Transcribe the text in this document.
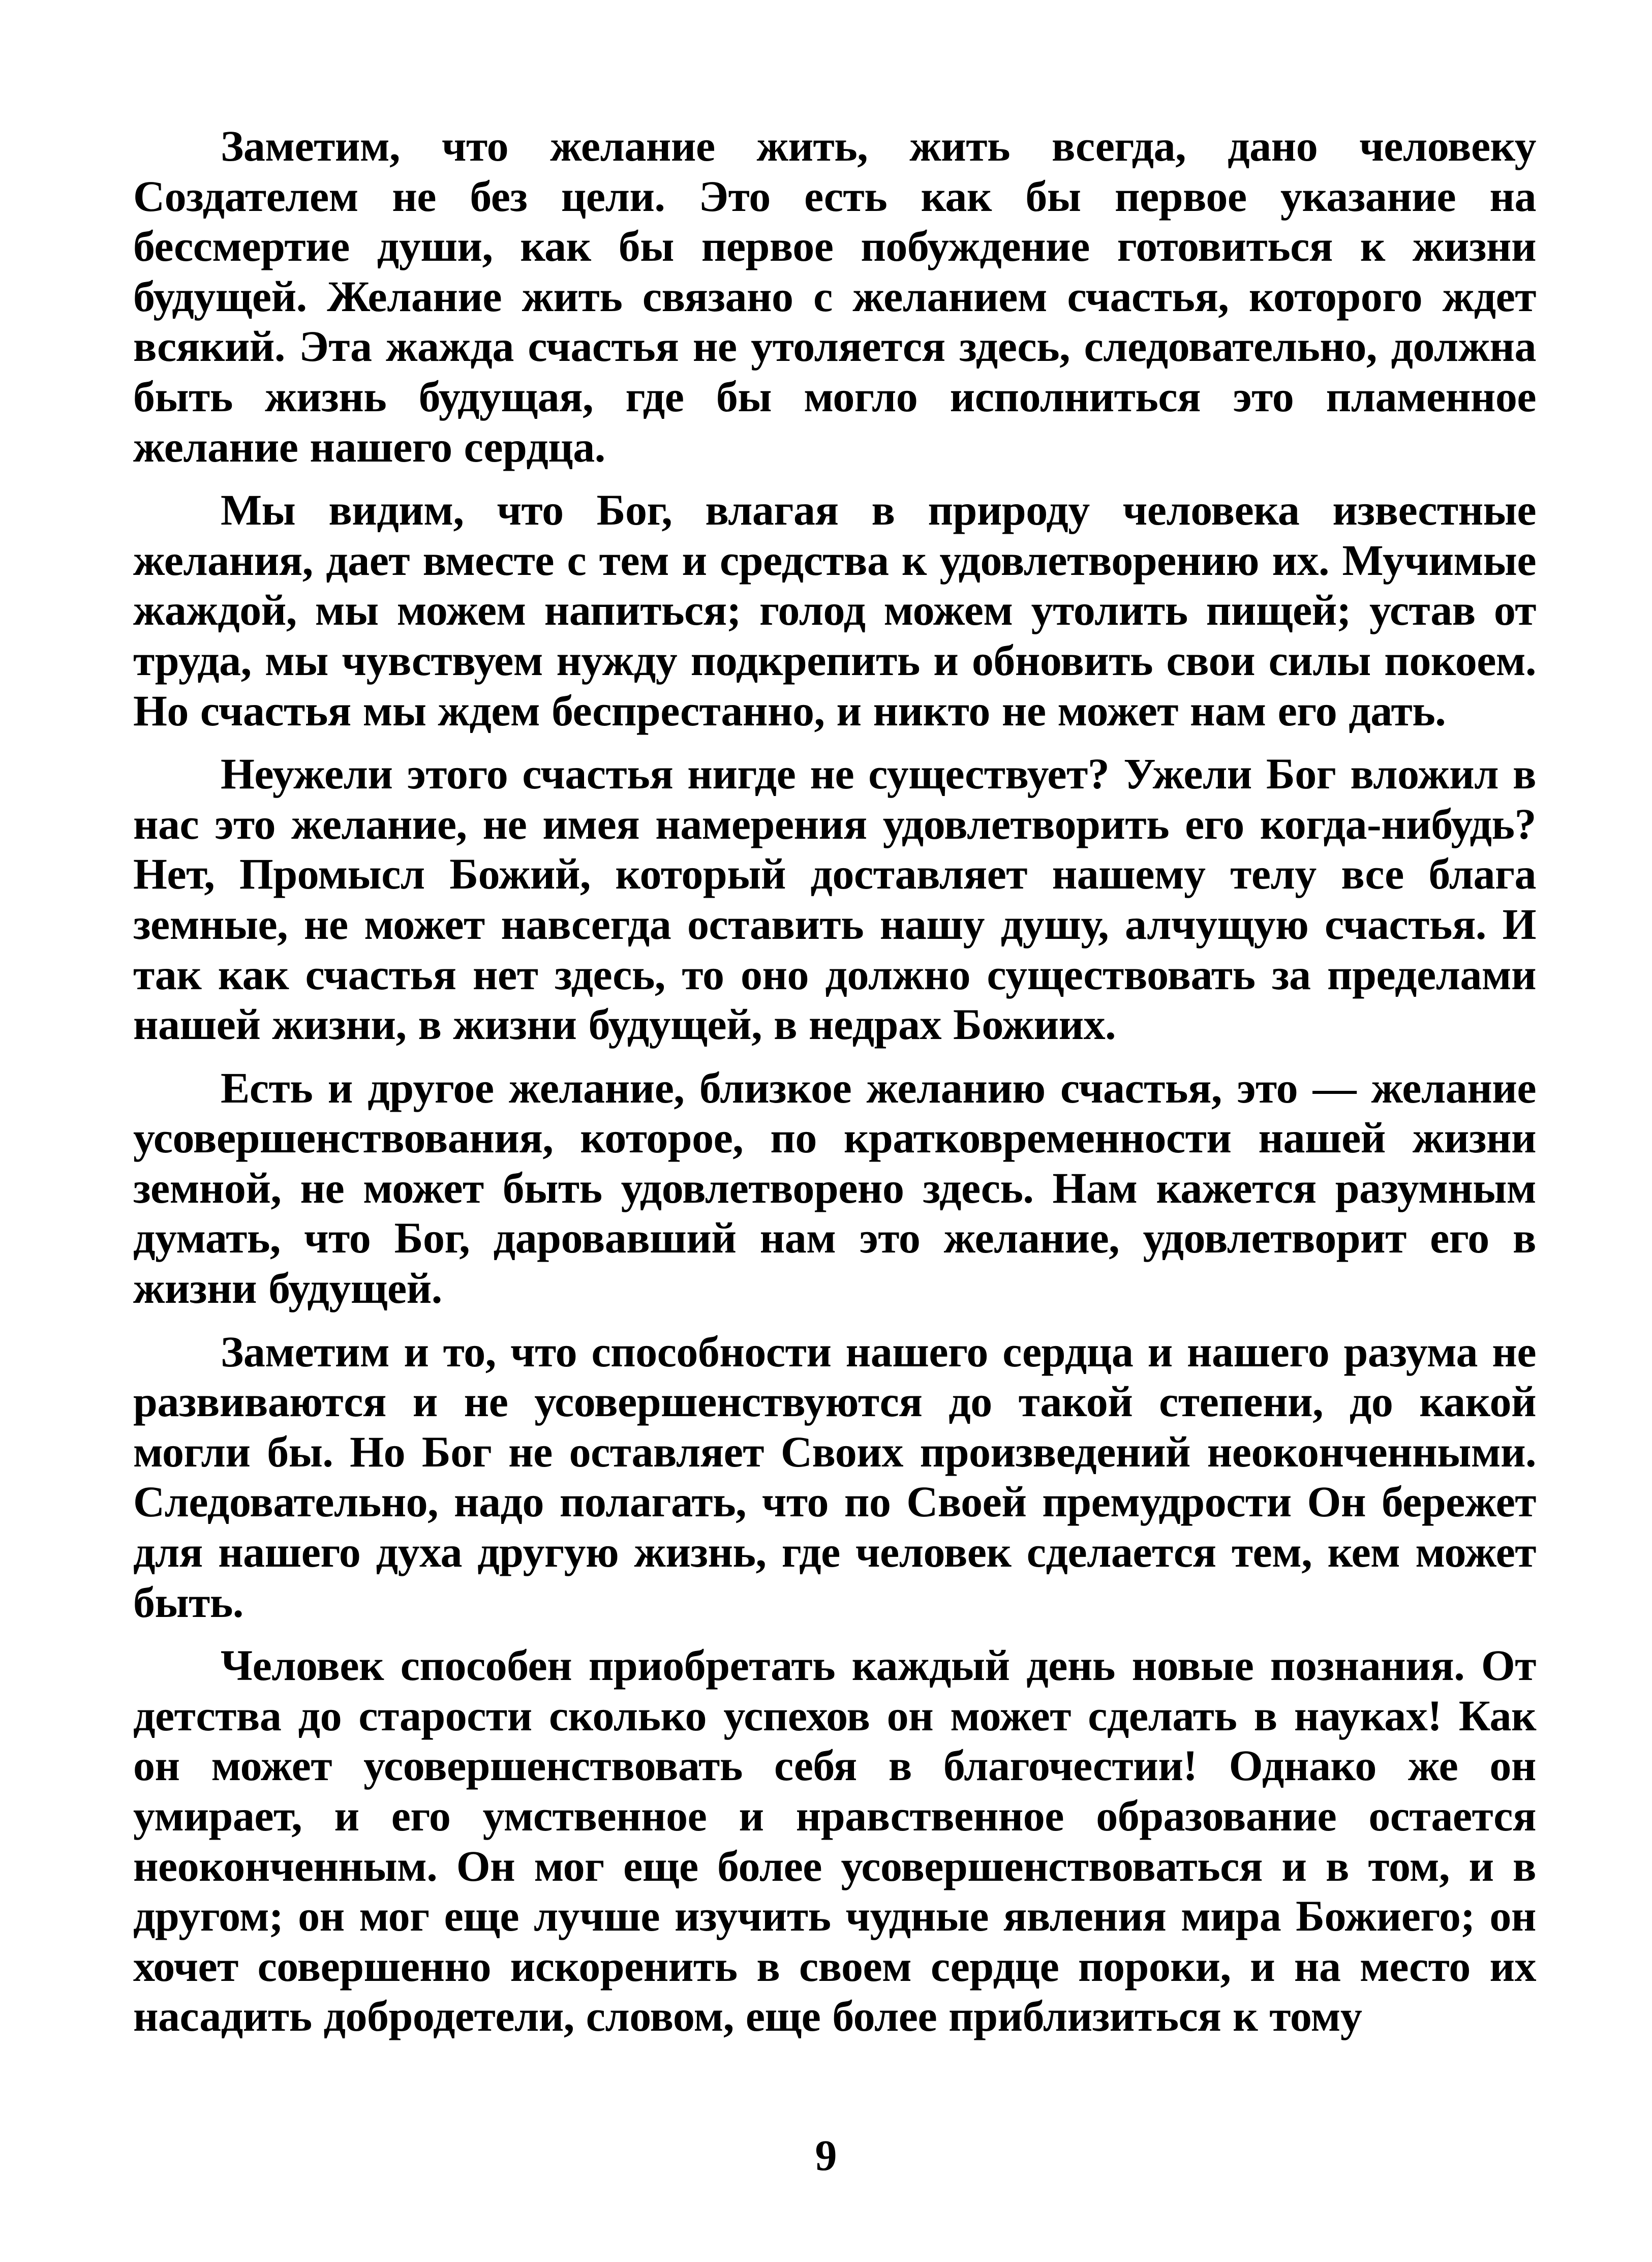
Заметим, что желание жить, жить всегда, дано человеку Создателем не без цели. Это есть как бы первое указание на бессмертие души, как бы первое побуждение готовиться к жизни будущей. Желание жить связано с желанием счастья, которого ждет всякий. Эта жажда счастья не утоляется здесь, следовательно, должна быть жизнь будущая, где бы могло исполниться это пламенное желание нашего сердца.

Мы видим, что Бог, влагая в природу человека известные желания, дает вместе с тем и средства к удовлетворению их. Мучимые жаждой, мы можем напиться; голод можем утолить пищей; устав от труда, мы чувствуем нужду подкрепить и обновить свои силы покоем. Но счастья мы ждем беспрестанно, и никто не может нам его дать.

Неужели этого счастья нигде не существует? Ужели Бог вложил в нас это желание, не имея намерения удовлетворить его когда-нибудь? Нет, Промысл Божий, который доставляет нашему телу все блага земные, не может навсегда оставить нашу душу, алчущую счастья. И так как счастья нет здесь, то оно должно существовать за пределами нашей жизни, в жизни будущей, в недрах Божиих.

Есть и другое желание, близкое желанию счастья, это — желание усовершенствования, которое, по кратковременности нашей жизни земной, не может быть удовлетворено здесь. Нам кажется разумным думать, что Бог, даровавший нам это желание, удовлетворит его в жизни будущей.

Заметим и то, что способности нашего сердца и нашего разума не развиваются и не усовершенствуются до такой степени, до какой могли бы. Но Бог не оставляет Своих произведений неоконченными. Следовательно, надо полагать, что по Своей премудрости Он бережет для нашего духа другую жизнь, где человек сделается тем, кем может быть.

Человек способен приобретать каждый день новые познания. От детства до старости сколько успехов он может сделать в науках! Как он может усовершенствовать себя в благочестии! Однако же он умирает, и его умственное и нравственное образование остается неоконченным. Он мог еще более усовершенствоваться и в том, и в другом; он мог еще лучше изучить чудные явления мира Божиего; он хочет совершенно искоренить в своем сердце пороки, и на место их насадить добродетели, словом, еще более приблизиться к тому

9
